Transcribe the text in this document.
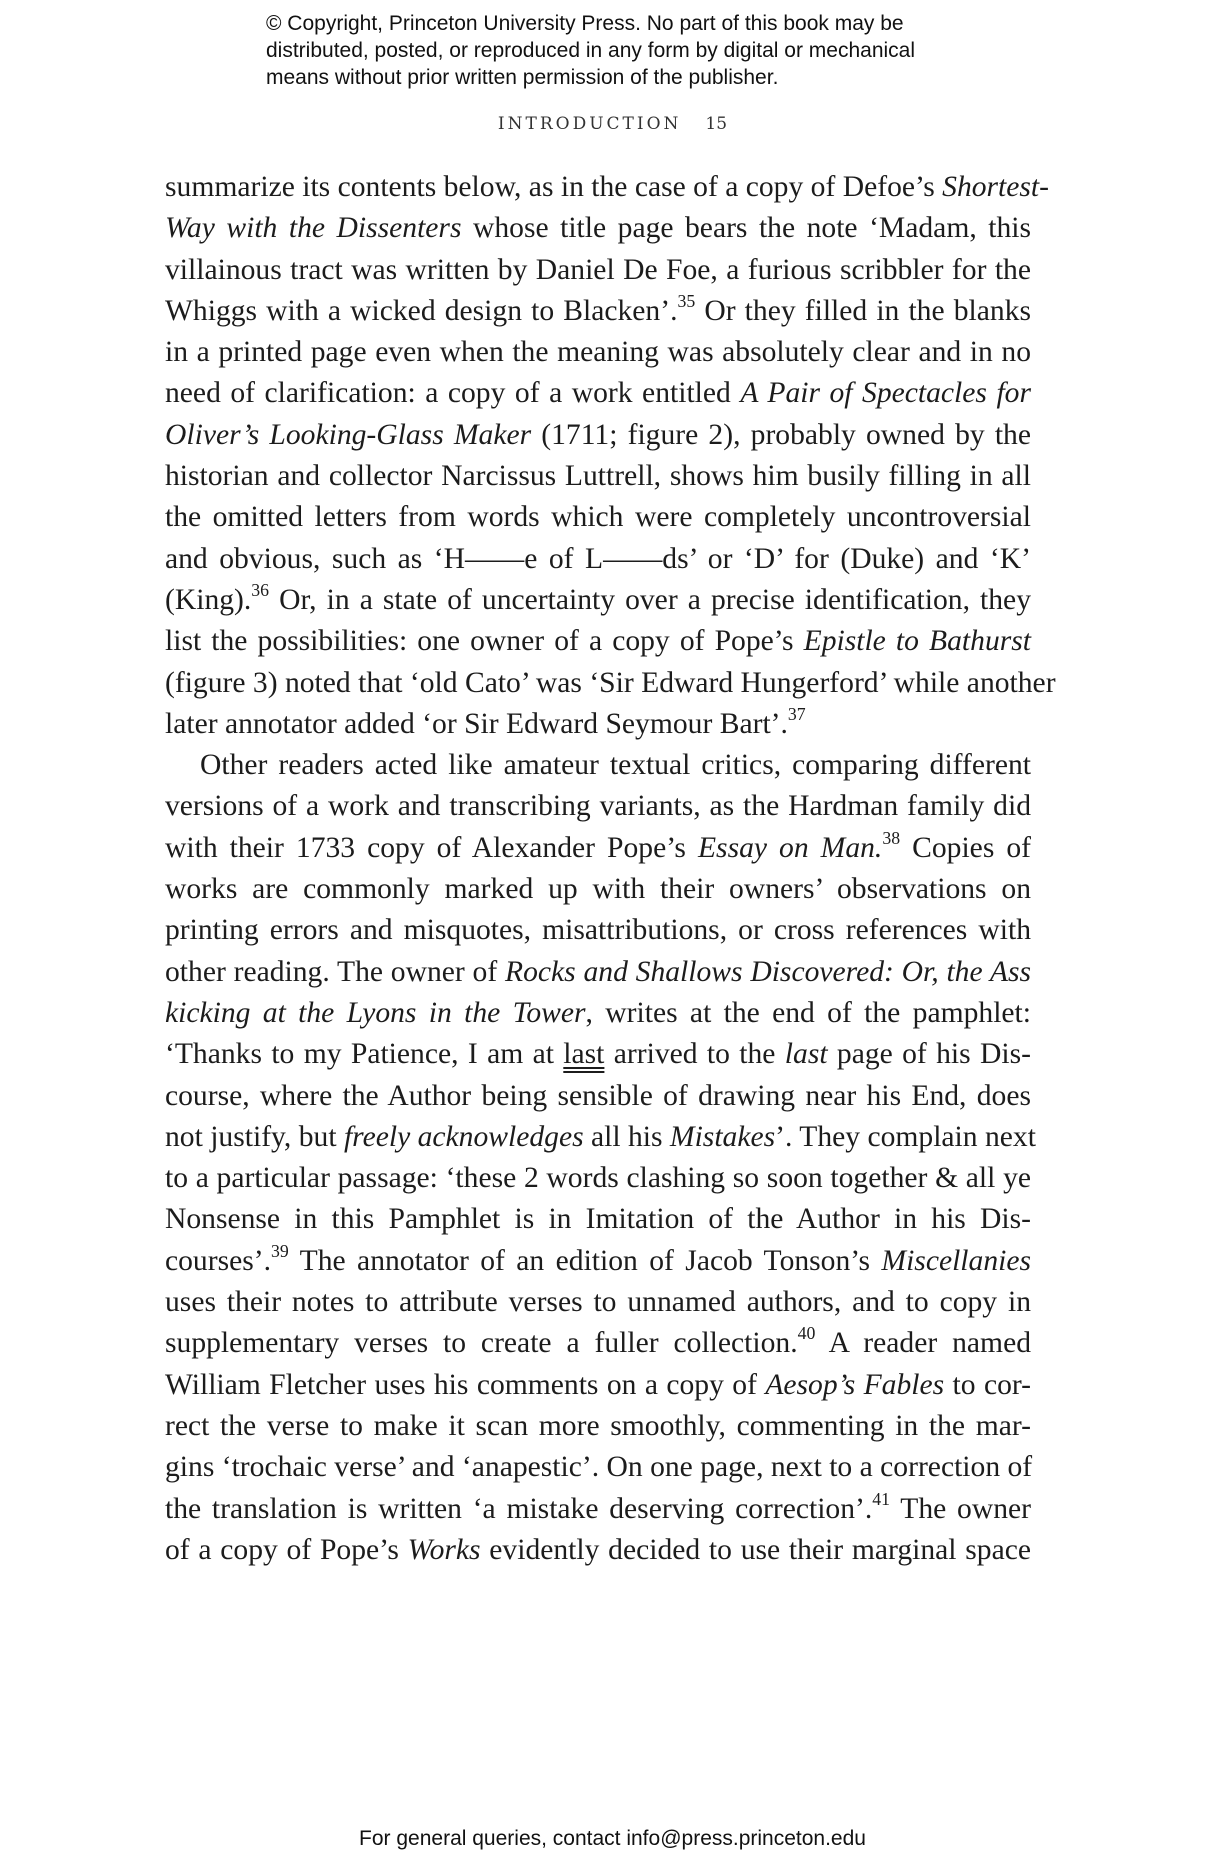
© Copyright, Princeton University Press. No part of this book may be
distributed, posted, or reproduced in any form by digital or mechanical
means without prior written permission of the publisher.
INTRODUCTION 15
summarize its contents below, as in the case of a copy of Defoe’s Shortest-
Way with the Dissenters whose title page bears the note ‘Madam, this
villainous tract was written by Daniel De Foe, a furious scribbler for the
Whiggs with a wicked design to Blacken’.$^{35}$ Or they filled in the blanks
in a printed page even when the meaning was absolutely clear and in no
need of clarification: a copy of a work entitled A Pair of Spectacles for
Oliver’s Looking-Glass Maker (1711; figure 2), probably owned by the
historian and collector Narcissus Luttrell, shows him busily filling in all
the omitted letters from words which were completely uncontroversial
and obvious, such as ‘H——e of L——ds’ or ‘D’ for (Duke) and ‘K’
(King).$^{36}$ Or, in a state of uncertainty over a precise identification, they
list the possibilities: one owner of a copy of Pope’s Epistle to Bathurst
(figure 3) noted that ‘old Cato’ was ‘Sir Edward Hungerford’ while another
later annotator added ‘or Sir Edward Seymour Bart’.$^{37}$
Other readers acted like amateur textual critics, comparing different
versions of a work and transcribing variants, as the Hardman family did
with their 1733 copy of Alexander Pope’s Essay on Man.$^{38}$ Copies of
works are commonly marked up with their owners’ observations on
printing errors and misquotes, misattributions, or cross references with
other reading. The owner of Rocks and Shallows Discovered: Or, the Ass
kicking at the Lyons in the Tower, writes at the end of the pamphlet:
‘Thanks to my Patience, I am at last arrived to the last page of his Dis-
course, where the Author being sensible of drawing near his End, does
not justify, but freely acknowledges all his Mistakes’. They complain next
to a particular passage: ‘these 2 words clashing so soon together & all ye
Nonsense in this Pamphlet is in Imitation of the Author in his Dis-
courses’.$^{39}$ The annotator of an edition of Jacob Tonson’s Miscellanies
uses their notes to attribute verses to unnamed authors, and to copy in
supplementary verses to create a fuller collection.$^{40}$ A reader named
William Fletcher uses his comments on a copy of Aesop’s Fables to cor-
rect the verse to make it scan more smoothly, commenting in the mar-
gins ‘trochaic verse’ and ‘anapestic’. On one page, next to a correction of
the translation is written ‘a mistake deserving correction’.$^{41}$ The owner
of a copy of Pope’s Works evidently decided to use their marginal space
For general queries, contact info@press.princeton.edu
